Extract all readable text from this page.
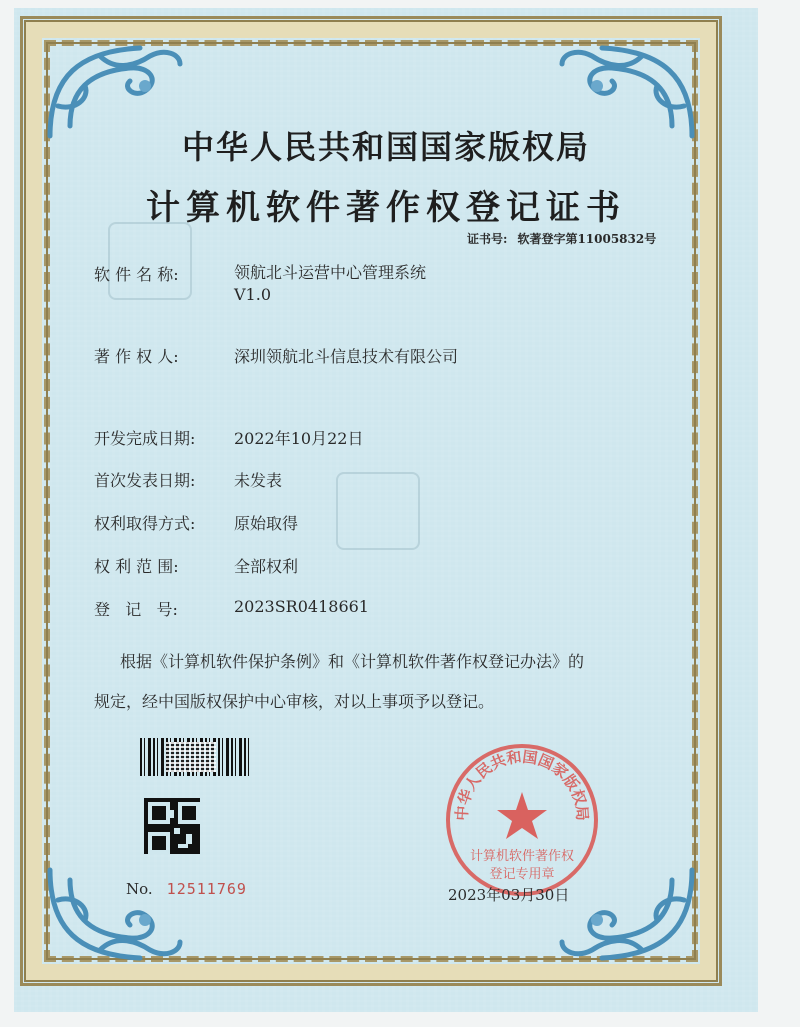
中华人民共和国国家版权局
计算机软件著作权登记证书
证书号: 软著登字第11005832号
软 件 名 称:	领航北斗运营中心管理系统
V1.0
著 作 权 人:	深圳领航北斗信息技术有限公司
开发完成日期: 2022年10月22日
首次发表日期: 未发表
权利取得方式: 原始取得
权 利 范 围:	全部权利
登   记   号:	2023SR0418661
根据《计算机软件保护条例》和《计算机软件著作权登记办法》的
规定，经中国版权保护中心审核，对以上事项予以登记。
中华人民共和国国家版权局
计算机软件著作权
登记专用章
No. 12511769	2023年03月30日
